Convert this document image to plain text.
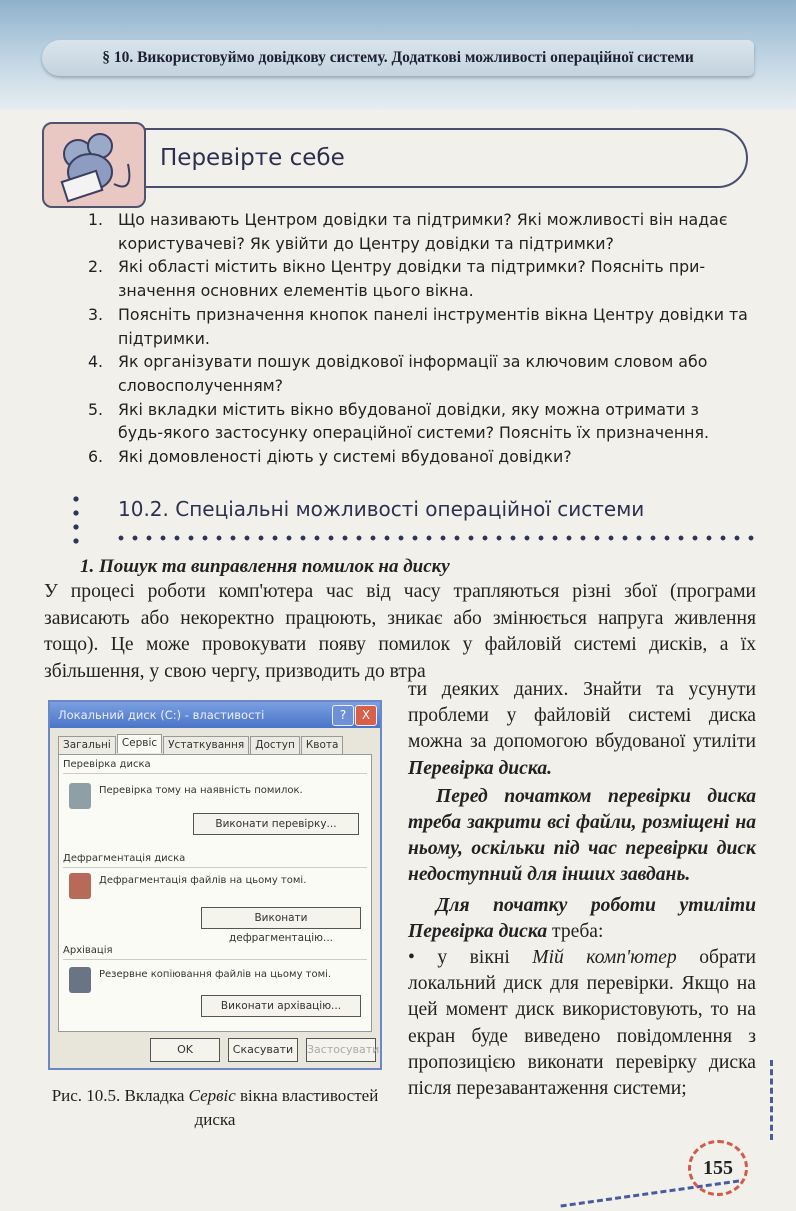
§ 10. Використовуймо довідкову систему. Додаткові можливості операційної системи
Перевірте себе
1. Що називають Центром довідки та підтримки? Які можливості він надає користувачеві? Як увійти до Центру довідки та підтримки?
2. Які області містить вікно Центру довідки та підтримки? Поясніть призначення основних елементів цього вікна.
3. Поясніть призначення кнопок панелі інструментів вікна Центру довідки та підтримки.
4. Як організувати пошук довідкової інформації за ключовим словом або словосполученням?
5. Які вкладки містить вікно вбудованої довідки, яку можна отримати з будь-якого застосунку операційної системи? Поясніть їх призначення.
6. Які домовленості діють у системі вбудованої довідки?
10.2. Спеціальні можливості операційної системи
1. Пошук та виправлення помилок на диску

У процесі роботи комп'ютера час від часу трапляються різні збої (програми зависають або некоректно працюють, зникає або змінюється напруга живлення тощо). Це може провокувати появу помилок у файловій системі дисків, а їх збільшення, у свою чергу, призводить до втра

Локальний диск (C:) - властивості	?	X
Загальні	Сервіс	Устаткування	Доступ	Квота
Перевірка диска
Перевірка тому на наявність помилок.
Виконати перевірку...
Дефрагментація диска
Дефрагментація файлів на цьому томі.
Виконати дефрагментацію...
Архівація
Резервне копіювання файлів на цьому томі.
Виконати архівацію...
OK	Скасувати	Застосувати
Рис. 10.5. Вкладка Сервіс вікна властивостей диска

ти деяких даних. Знайти та усунути проблеми у файловій системі диска можна за допомогою вбудованої утиліти Перевірка диска.

Перед початком перевірки диска треба закрити всі файли, розміщені на ньому, оскільки під час перевірки диск недоступний для інших завдань.

Для початку роботи утиліти Перевірка диска треба:

• у вікні Мій комп'ютер обрати локальний диск для перевірки. Якщо на цей момент диск використовують, то на екран буде виведено повідомлення з пропозицією виконати перевірку диска після перезавантаження системи;

155
